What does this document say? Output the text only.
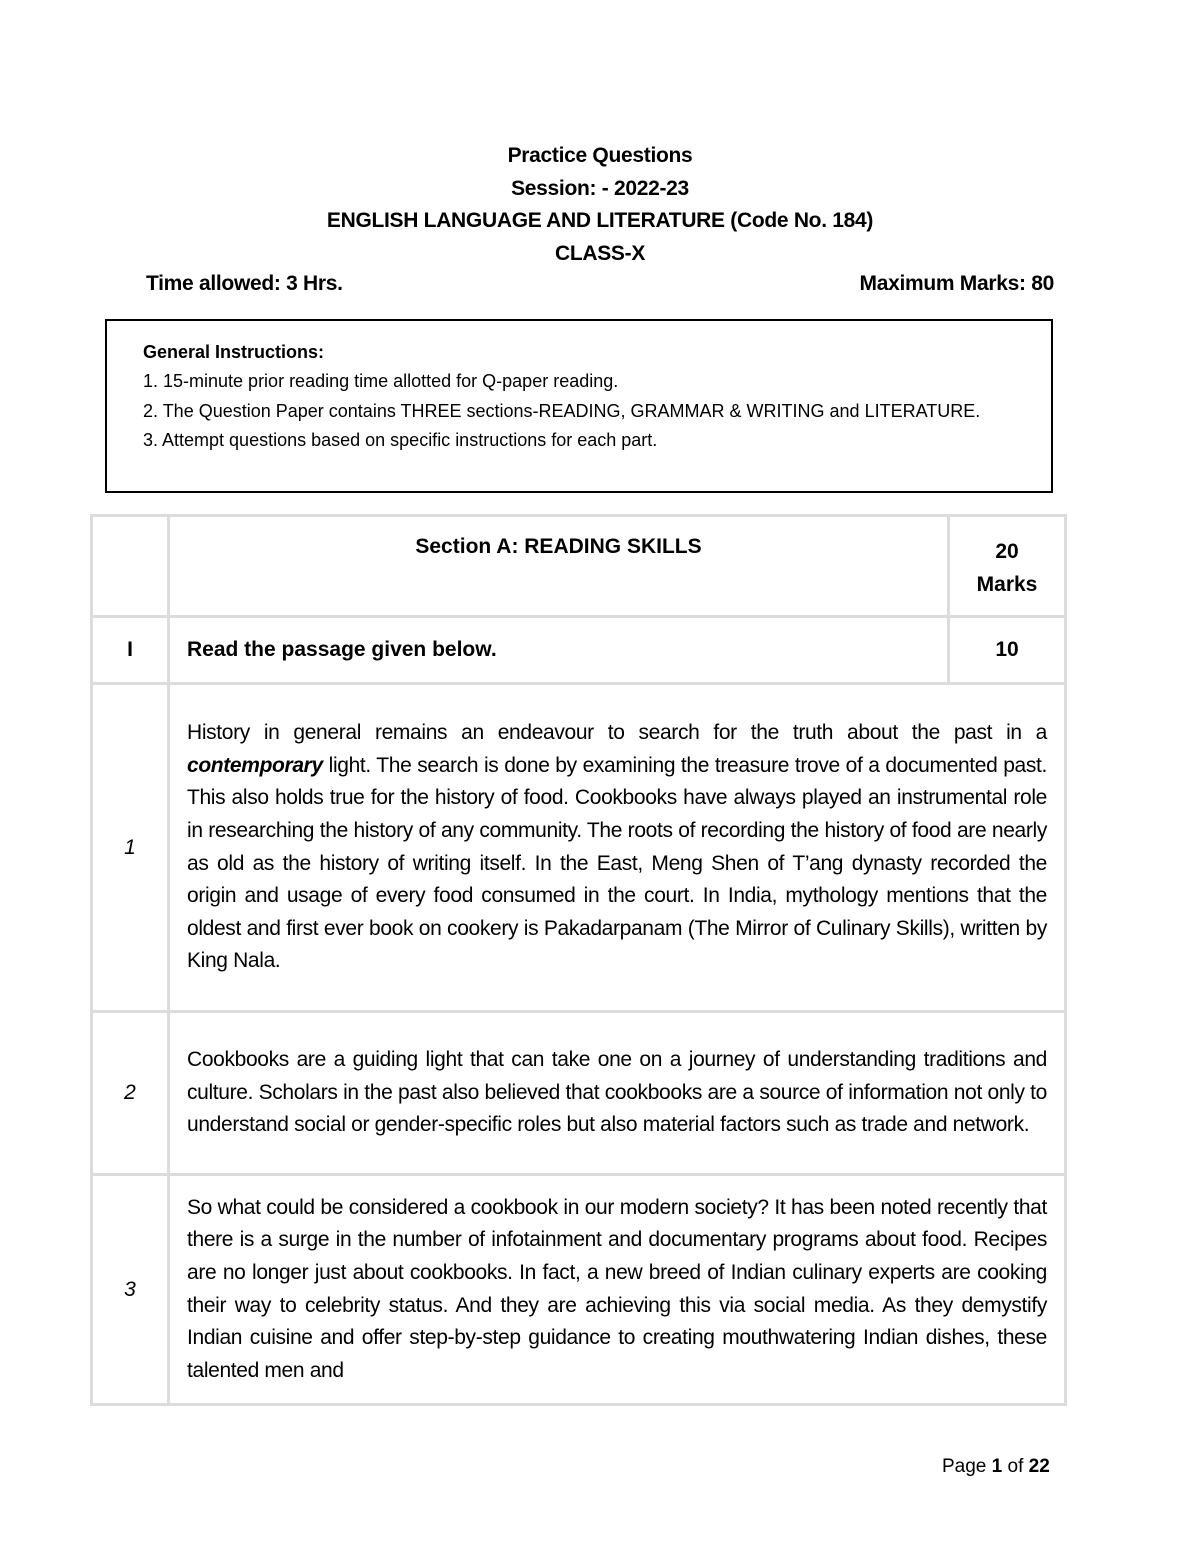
Practice Questions
Session: - 2022-23
ENGLISH LANGUAGE AND LITERATURE (Code No. 184)
CLASS-X
Time allowed: 3 Hrs.	Maximum Marks: 80
General Instructions:
1. 15-minute prior reading time allotted for Q-paper reading.
2. The Question Paper contains THREE sections-READING, GRAMMAR & WRITING and LITERATURE.
3. Attempt questions based on specific instructions for each part.
	Section A: READING SKILLS	20
Marks

I	Read the passage given below.	10
1	History in general remains an endeavour to search for the truth about the past in a contemporary light. The search is done by examining the treasure trove of a documented past. This also holds true for the history of food. Cookbooks have always played an instrumental role in researching the history of any community. The roots of recording the history of food are nearly as old as the history of writing itself. In the East, Meng Shen of T’ang dynasty recorded the origin and usage of every food consumed in the court. In India, mythology mentions that the oldest and first ever book on cookery is Pakadarpanam (The Mirror of Culinary Skills), written by King Nala.	
2	Cookbooks are a guiding light that can take one on a journey of understanding traditions and culture. Scholars in the past also believed that cookbooks are a source of information not only to understand social or gender-specific roles but also material factors such as trade and network.	
3	So what could be considered a cookbook in our modern society? It has been noted recently that there is a surge in the number of infotainment and documentary programs about food. Recipes are no longer just about cookbooks. In fact, a new breed of Indian culinary experts are cooking their way to celebrity status. And they are achieving this via social media. As they demystify Indian cuisine and offer step-by-step guidance to creating mouthwatering Indian dishes, these talented men and	
Page 1 of 22
